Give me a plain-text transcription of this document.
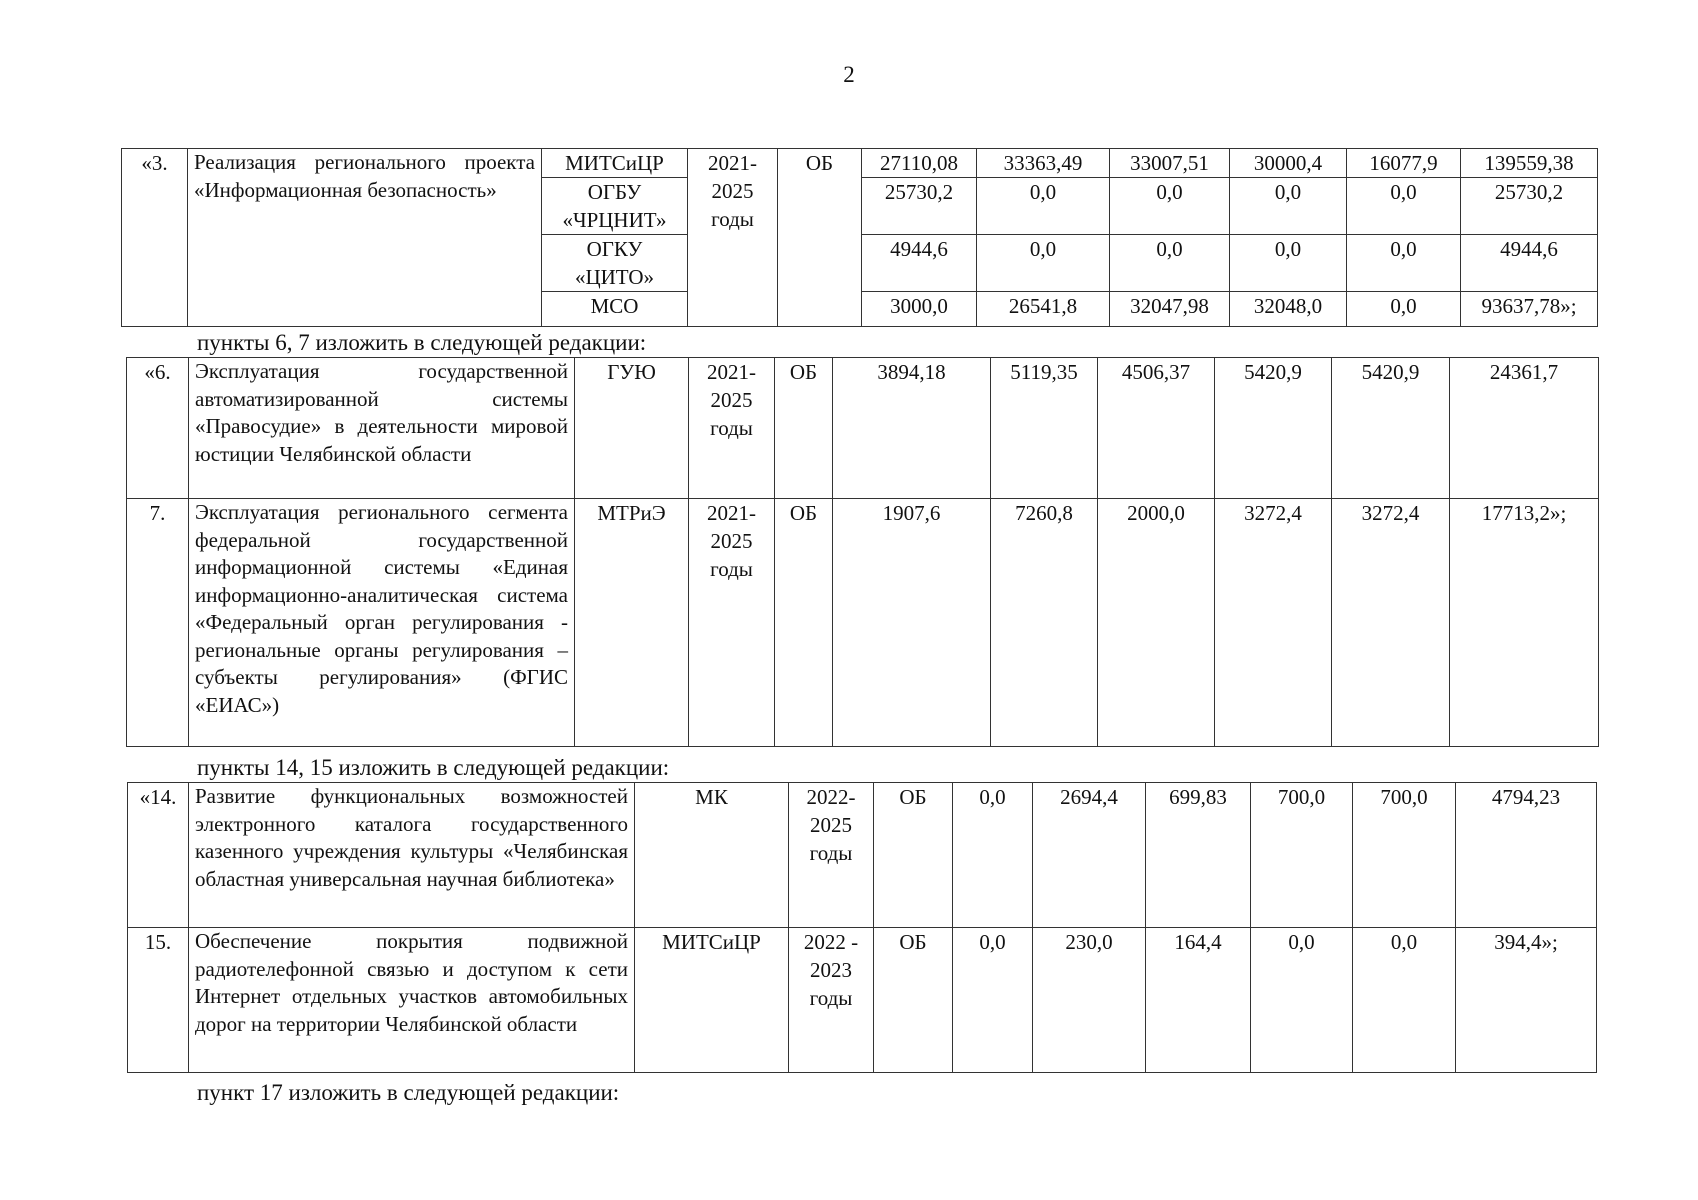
2
«3.	Реализация регионального проекта «Информационная безопасность»	МИТСиЦР	2021-2025 годы	ОБ	27110,08	33363,49	33007,51	30000,4	16077,9	139559,38
		ОГБУ «ЧРЦНИТ»			25730,2	0,0	0,0	0,0	0,0	25730,2
		ОГКУ «ЦИТО»			4944,6	0,0	0,0	0,0	0,0	4944,6
		МСО			3000,0	26541,8	32047,98	32048,0	0,0	93637,78»;
пункты 6, 7 изложить в следующей редакции:
«6.	Эксплуатация государственной автоматизированной системы «Правосудие» в деятельности мировой юстиции Челябинской области	ГУЮ	2021-2025 годы	ОБ	3894,18	5119,35	4506,37	5420,9	5420,9	24361,7
7.	Эксплуатация регионального сегмента федеральной государственной информационной системы «Единая информационно-аналитическая система «Федеральный орган регулирования - региональные органы регулирования – субъекты регулирования» (ФГИС «ЕИАС»)	МТРиЭ	2021-2025 годы	ОБ	1907,6	7260,8	2000,0	3272,4	3272,4	17713,2»;
пункты 14, 15 изложить в следующей редакции:
«14.	Развитие функциональных возможностей электронного каталога государственного казенного учреждения культуры «Челябинская областная универсальная научная библиотека»	МК	2022-2025 годы	ОБ	0,0	2694,4	699,83	700,0	700,0	4794,23
15.	Обеспечение покрытия подвижной радиотелефонной связью и доступом к сети Интернет отдельных участков автомобильных дорог на территории Челябинской области	МИТСиЦР	2022 - 2023 годы	ОБ	0,0	230,0	164,4	0,0	0,0	394,4»;
пункт 17 изложить в следующей редакции:
